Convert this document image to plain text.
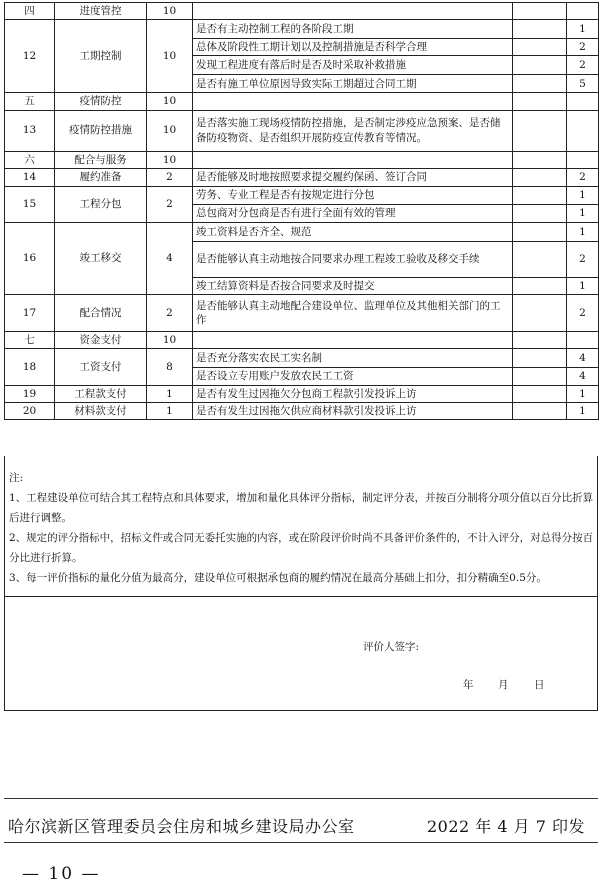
四	进度管控	10			
12	工期控制	10	是否有主动控制工程的各阶段工期		1
			总体及阶段性工期计划以及控制措施是否科学合理		2
			发现工程进度有落后时是否及时采取补救措施		2
			是否有施工单位原因导致实际工期超过合同工期		5
五	疫情防控	10			
13	疫情防控措施	10	是否落实施工现场疫情防控措施，是否制定涉疫应急预案、是否储备防疫物资、是否组织开展防疫宣传教育等情况。		
六	配合与服务	10			
14	履约准备	2	是否能够及时地按照要求提交履约保函、签订合同		2
15	工程分包	2	劳务、专业工程是否有按规定进行分包		1
			总包商对分包商是否有进行全面有效的管理		1
16	竣工移交	4	竣工资料是否齐全、规范		1
			是否能够认真主动地按合同要求办理工程竣工验收及移交手续		2
			竣工结算资料是否按合同要求及时提交		1
17	配合情况	2	是否能够认真主动地配合建设单位、监理单位及其他相关部门的工作		2
七	资金支付	10			
18	工资支付	8	是否充分落实农民工实名制		4
			是否设立专用账户发放农民工工资		4
19	工程款支付	1	是否有发生过因拖欠分包商工程款引发投诉上访		1
20	材料款支付	1	是否有发生过因拖欠供应商材料款引发投诉上访		1

注:

1、工程建设单位可结合其工程特点和具体要求，增加和量化具体评分指标，制定评分表，并按百分制将分项分值以百分比折算后进行调整。

2、规定的评分指标中，招标文件或合同无委托实施的内容，或在阶段评价时尚不具备评价条件的，不计入评分，对总得分按百分比进行折算。

3、每一评价指标的量化分值为最高分，建设单位可根据承包商的履约情况在最高分基础上扣分，扣分精确至0.5分。

评价人签字:
年 月 日
哈尔滨新区管理委员会住房和城乡建设局办公室	2022 年 4 月 7 印发
— 10 —
